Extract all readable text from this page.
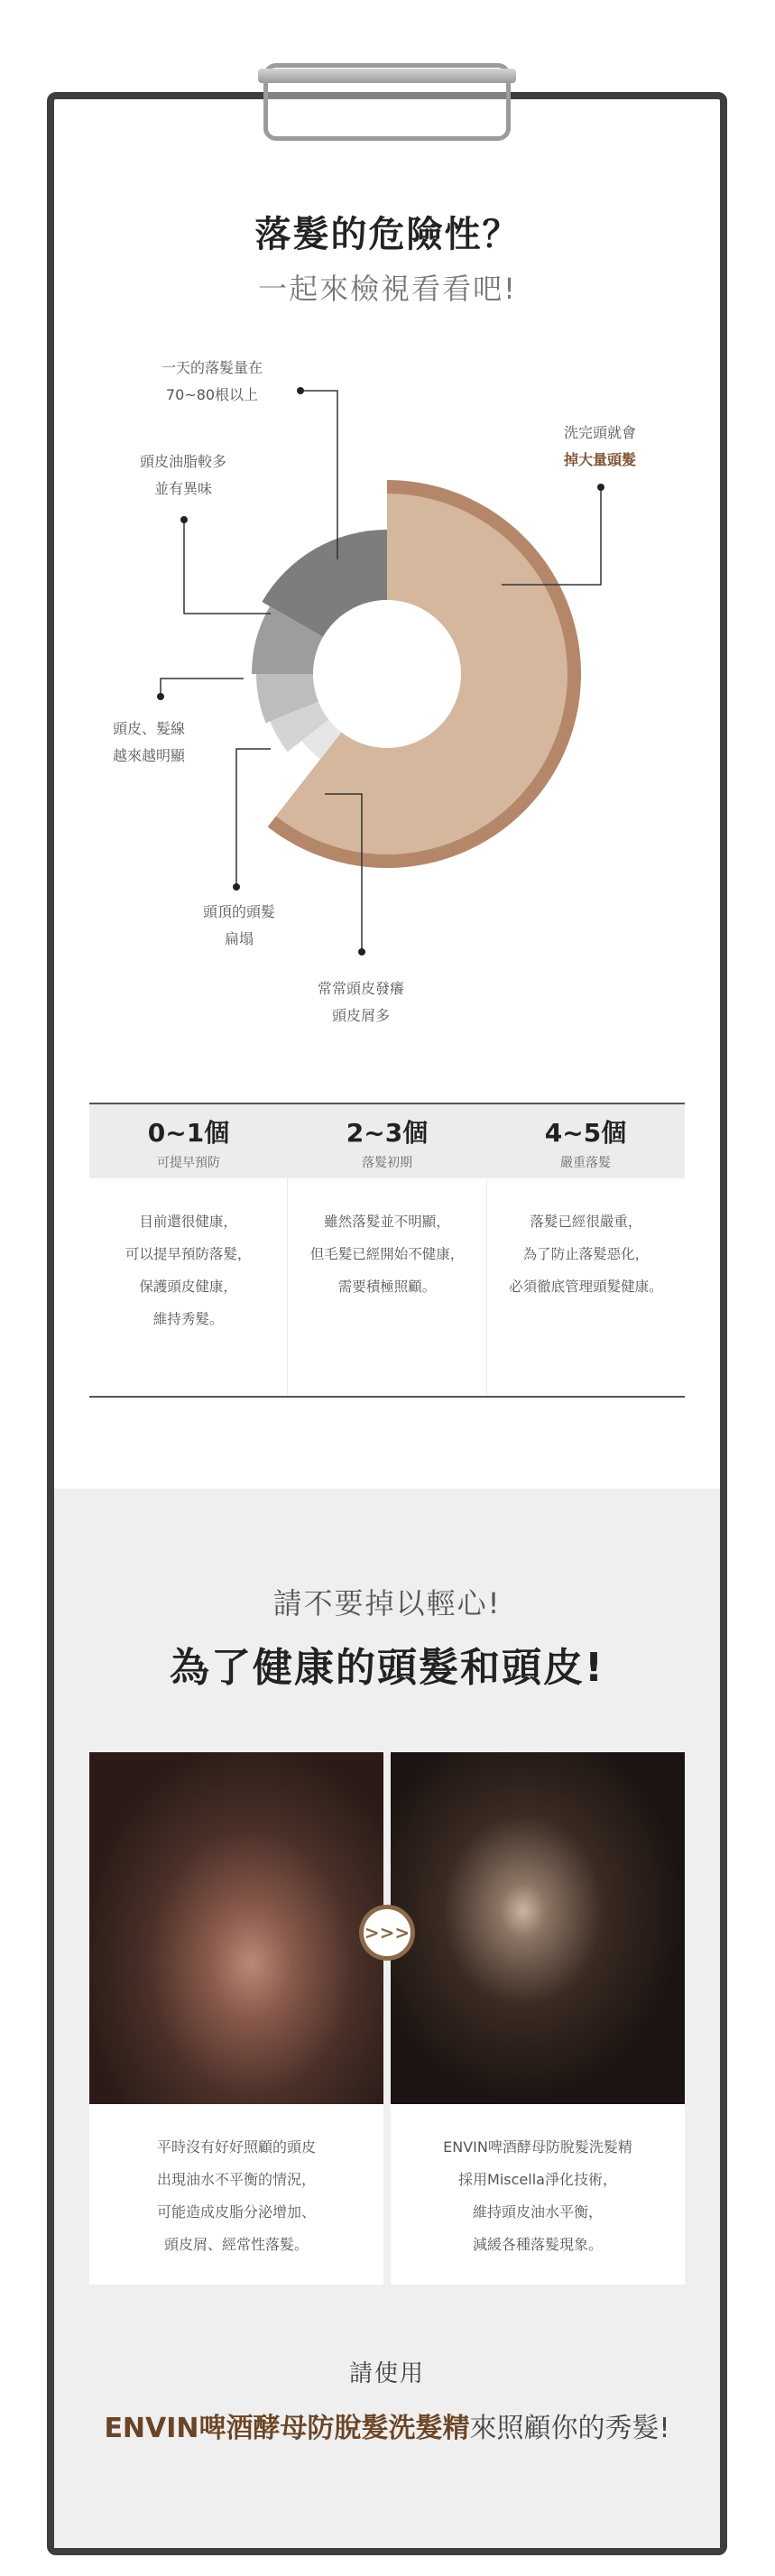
落髮的危險性？
一起來檢視看看吧!
一天的落髮量在
70~80根以上
頭皮油脂較多
並有異味
洗完頭就會
掉大量頭髮
頭皮、髮線
越來越明顯
頭頂的頭髮
扁塌
常常頭皮發癢
頭皮屑多
0~1個
可提早預防
2~3個
落髮初期
4~5個
嚴重落髮
目前還很健康，
可以提早預防落髮，
保護頭皮健康，
維持秀髮。
雖然落髮並不明顯，
但毛髮已經開始不健康，
需要積極照顧。
落髮已經很嚴重，
為了防止落髮惡化，
必須徹底管理頭髮健康。
請不要掉以輕心!
為了健康的頭髮和頭皮!
>>>
平時沒有好好照顧的頭皮
出現油水不平衡的情況，
可能造成皮脂分泌增加、
頭皮屑、經常性落髮。
ENVIN啤酒酵母防脫髮洗髮精
採用Miscella淨化技術，
維持頭皮油水平衡，
減緩各種落髮現象。
請使用
ENVIN啤酒酵母防脫髮洗髮精來照顧你的秀髮!
